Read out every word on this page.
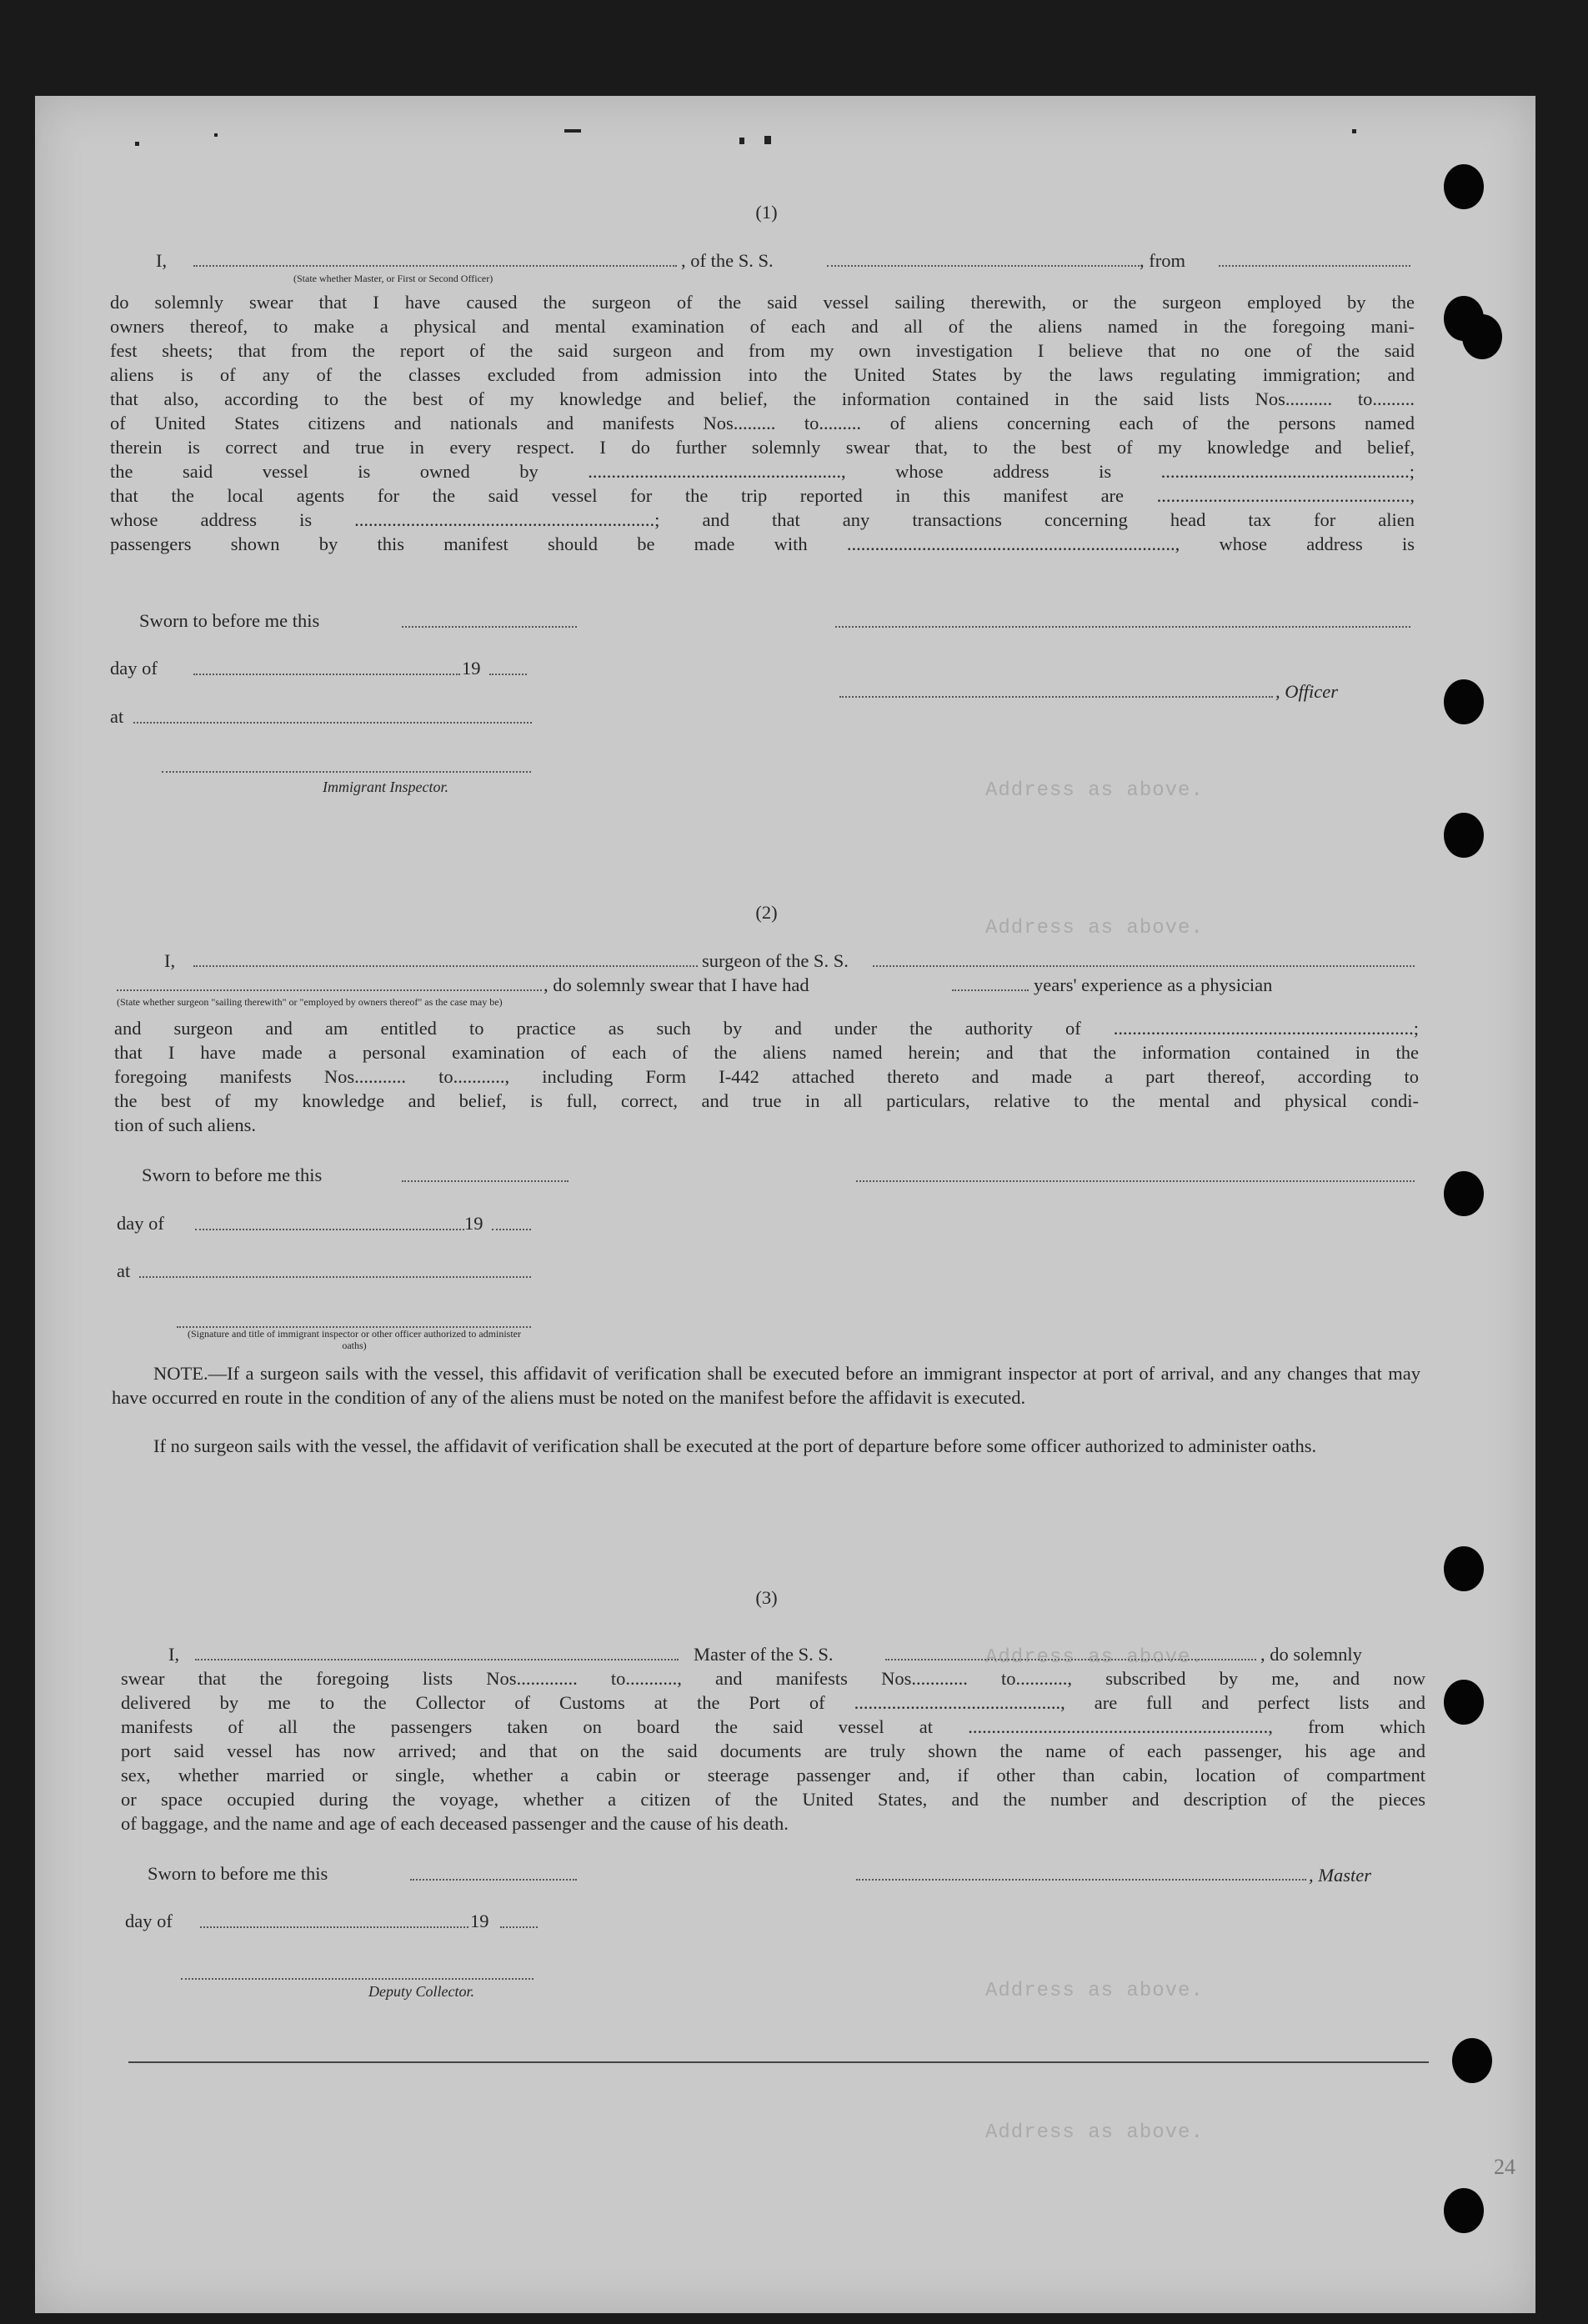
Address as above.
Address as above.
Address as above.
Address as above.
Address as above.
(1)
I,	, of the S. S.	, from
(State whether Master, or First or Second Officer)
do solemnly swear that I have caused the surgeon of the said vessel sailing therewith, or the surgeon employed by the
owners thereof, to make a physical and mental examination of each and all of the aliens named in the foregoing mani-
fest sheets; that from the report of the said surgeon and from my own investigation I believe that no one of the said
aliens is of any of the classes excluded from admission into the United States by the laws regulating immigration; and
that also, according to the best of my knowledge and belief, the information contained in the said lists Nos.......... to.........
of United States citizens and nationals and manifests Nos......... to......... of aliens concerning each of the persons named
therein is correct and true in every respect. I do further solemnly swear that, to the best of my knowledge and belief,
the said vessel is owned by ......................................................, whose address is .....................................................;
that the local agents for the said vessel for the trip reported in this manifest are ......................................................,
whose address is ................................................................; and that any transactions concerning head tax for alien
passengers shown by this manifest should be made with ......................................................................, whose address is
Sworn to before me this
day of	19
, Officer
at
Immigrant Inspector.
(2)
I,	surgeon of the S. S.
, do solemnly swear that I have had	years' experience as a physician
(State whether surgeon "sailing therewith" or "employed by owners thereof" as the case may be)
and surgeon and am entitled to practice as such by and under the authority of ................................................................;
that I have made a personal examination of each of the aliens named herein; and that the information contained in the
foregoing manifests Nos........... to..........., including Form I-442 attached thereto and made a part thereof, according to
the best of my knowledge and belief, is full, correct, and true in all particulars, relative to the mental and physical condi-
tion of such aliens.
Sworn to before me this
day of	19
at
(Signature and title of immigrant inspector or other officer authorized to administer oaths)
NOTE.—If a surgeon sails with the vessel, this affidavit of verification shall be executed before an immigrant inspector at port of arrival, and any changes that may have occurred en route in the condition of any of the aliens must be noted on the manifest before the affidavit is executed.
If no surgeon sails with the vessel, the affidavit of verification shall be executed at the port of departure before some officer authorized to administer oaths.
(3)
I,	Master of the S. S.	, do solemnly
swear that the foregoing lists Nos............. to..........., and manifests Nos............ to..........., subscribed by me, and now
delivered by me to the Collector of Customs at the Port of ............................................, are full and perfect lists and
manifests of all the passengers taken on board the said vessel at ................................................................, from which
port said vessel has now arrived; and that on the said documents are truly shown the name of each passenger, his age and
sex, whether married or single, whether a cabin or steerage passenger and, if other than cabin, location of compartment
or space occupied during the voyage, whether a citizen of the United States, and the number and description of the pieces
of baggage, and the name and age of each deceased passenger and the cause of his death.
Sworn to before me this	, Master
day of	19
Deputy Collector.
24
